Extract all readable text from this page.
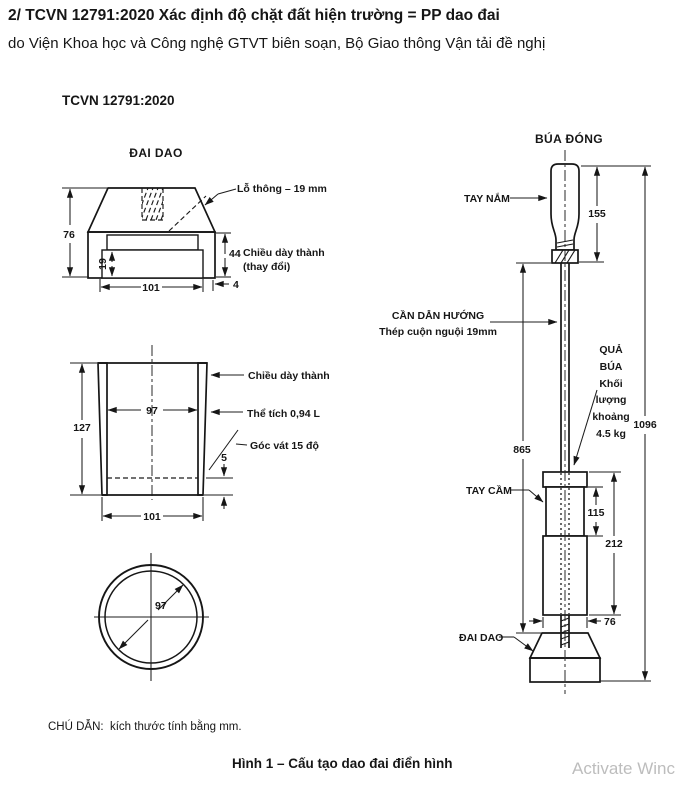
2/ TCVN 12791:2020 Xác định độ chặt đất hiện trường = PP dao đai
do Viện Khoa học và Công nghệ GTVT biên soạn, Bộ Giao thông Vận tải đề nghị
TCVN 12791:2020
ĐAI DAO
76
19
101
44
4
Lỗ thông – 19 mm
Chiều dày thành
(thay đổi)
127
97
101
5
Chiều dày thành
Thể tích 0,94 L
Góc vát 15 độ
97
BÚA ĐÓNG
155
865
1096
115
212
76
TAY NẮM
CẦN DẪN HƯỚNG
Thép cuộn nguội 19mm
QUẢ
BÚA
Khối
lượng
khoảng
4.5 kg
TAY CẦM
ĐAI DAO
CHÚ DẪN:  kích thước tính bằng mm.
Hình 1 – Cấu tạo dao đai điển hình	Activate Winc
